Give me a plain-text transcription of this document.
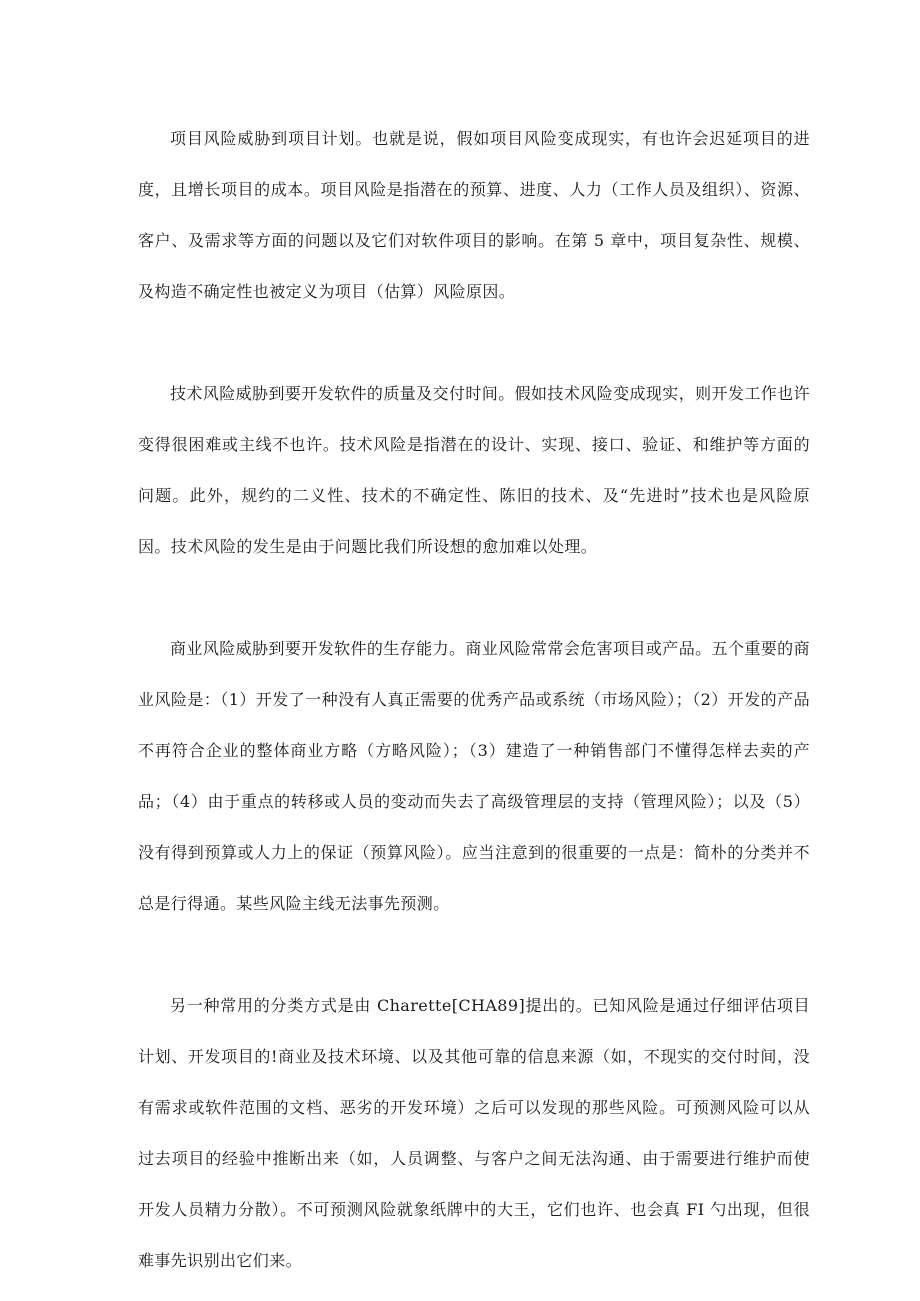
项目风险威胁到项目计划。也就是说，假如项目风险变成现实，有也许会迟延项目的进度，且增长项目的成本。项目风险是指潜在的预算、进度、人力（工作人员及组织）、资源、客户、及需求等方面的问题以及它们对软件项目的影响。在第 5 章中，项目复杂性、规模、及构造不确定性也被定义为项目（估算）风险原因。

技术风险威胁到要开发软件的质量及交付时间。假如技术风险变成现实，则开发工作也许变得很困难或主线不也许。技术风险是指潜在的设计、实现、接口、验证、和维护等方面的问题。此外，规约的二义性、技术的不确定性、陈旧的技术、及“先进时”技术也是风险原因。技术风险的发生是由于问题比我们所设想的愈加难以处理。

商业风险威胁到要开发软件的生存能力。商业风险常常会危害项目或产品。五个重要的商业风险是：（1）开发了一种没有人真正需要的优秀产品或系统（市场风险）；（2）开发的产品不再符合企业的整体商业方略（方略风险）；（3）建造了一种销售部门不懂得怎样去卖的产品；（4）由于重点的转移或人员的变动而失去了高级管理层的支持（管理风险）；以及（5）没有得到预算或人力上的保证（预算风险）。应当注意到的很重要的一点是：简朴的分类并不总是行得通。某些风险主线无法事先预测。

另一种常用的分类方式是由 Charette[CHA89]提出的。已知风险是通过仔细评估项目计划、开发项目的!商业及技术环境、以及其他可靠的信息来源（如，不现实的交付时间，没有需求或软件范围的文档、恶劣的开发环境）之后可以发现的那些风险。可预测风险可以从过去项目的经验中推断出来（如，人员调整、与客户之间无法沟通、由于需要进行维护而使开发人员精力分散）。不可预测风险就象纸牌中的大王，它们也许、也会真 FI 勺出现，但很难事先识别出它们来。
